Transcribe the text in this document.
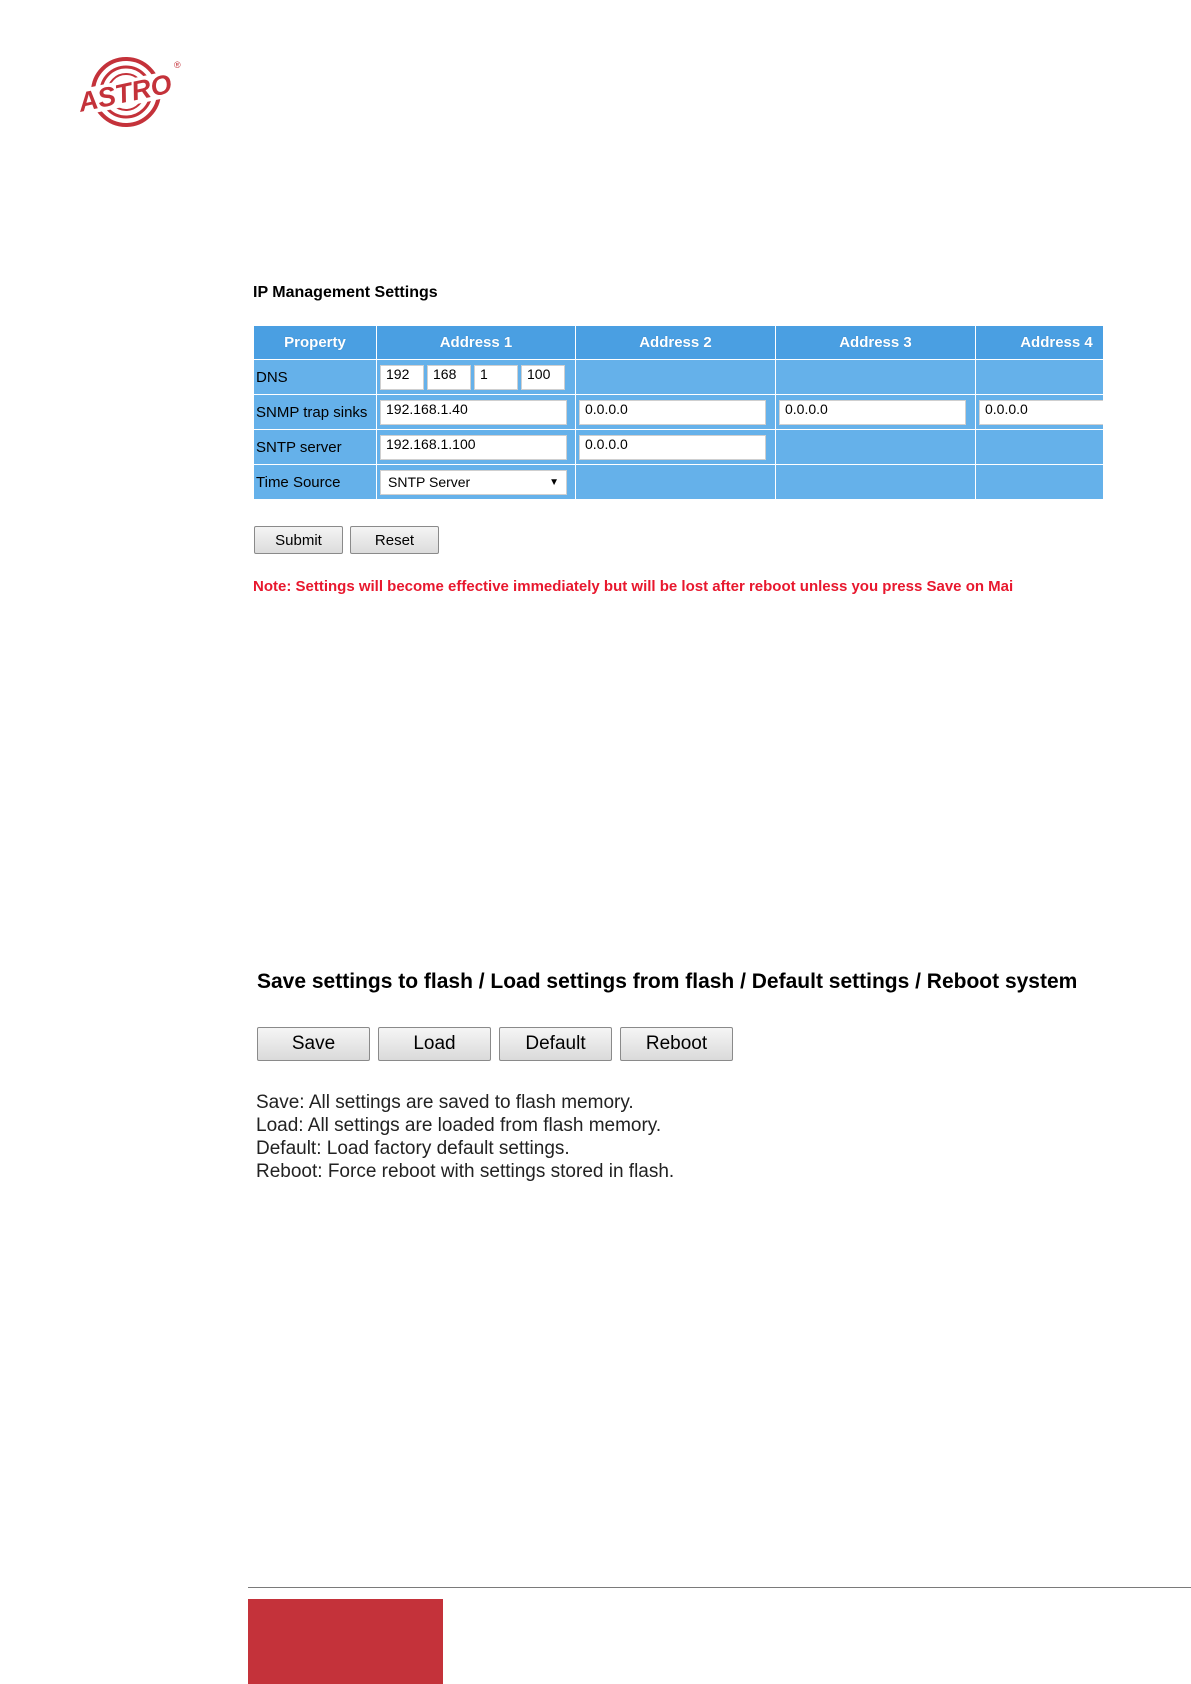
ASTRO
®
IP Management Settings
Property	Address 1	Address 2	Address 3	Address 4
DNS	192 168 1 100			
SNMP trap sinks	192.168.1.40	0.0.0.0	0.0.0.0	0.0.0.0
SNTP server	192.168.1.100	0.0.0.0		
Time Source	SNTP Server ▼			

Submit	Reset
Note: Settings will become effective immediately but will be lost after reboot unless you press Save on Mai
Save settings to flash / Load settings from flash / Default settings / Reboot system
Save	Load	Default	Reboot
Save: All settings are saved to flash memory.
Load: All settings are loaded from flash memory.
Default: Load factory default settings.
Reboot: Force reboot with settings stored in flash.
